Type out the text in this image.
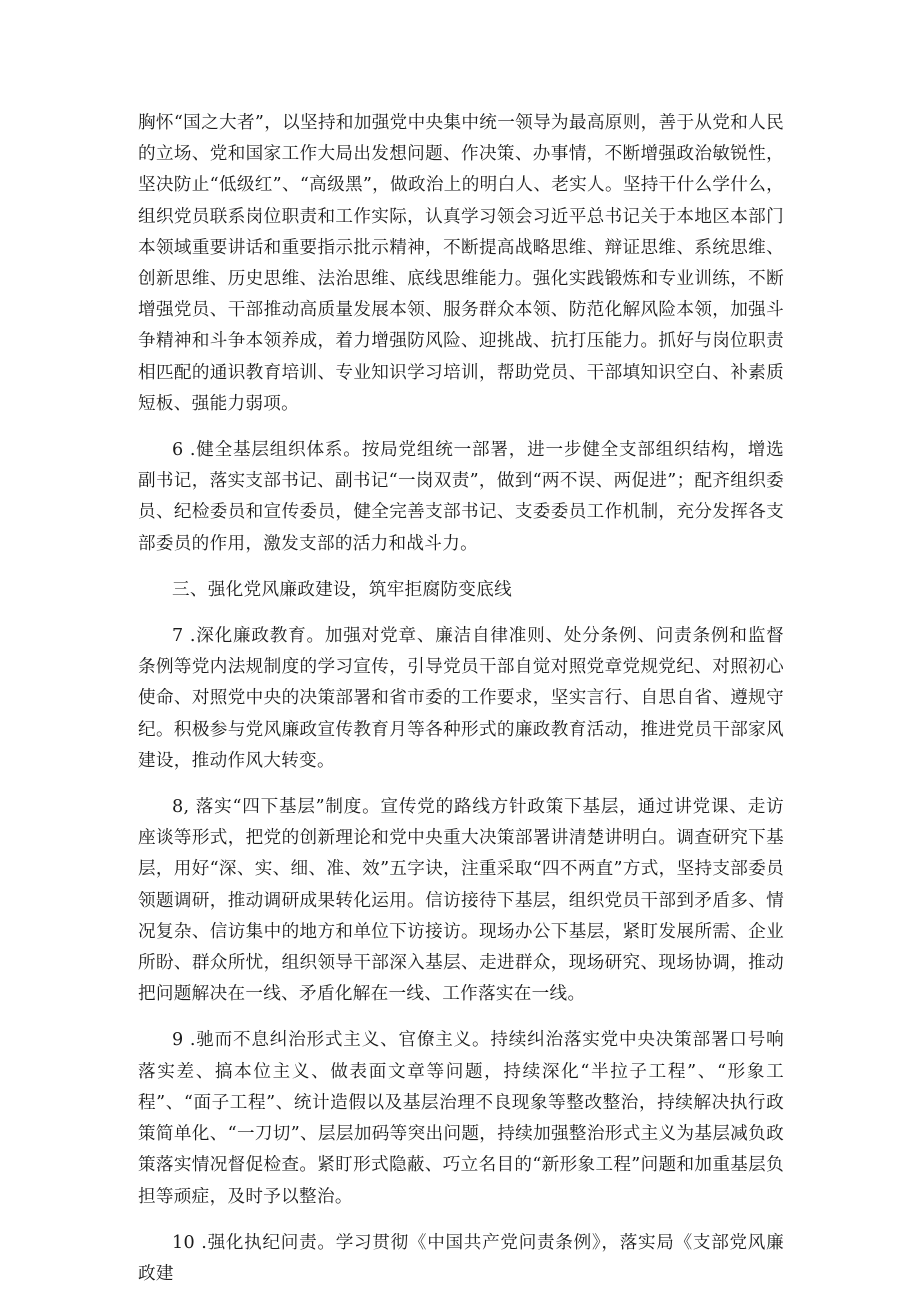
胸怀“国之大者”，以坚持和加强党中央集中统一领导为最高原则，善于从党和人民的立场、党和国家工作大局出发想问题、作决策、办事情，不断增强政治敏锐性，坚决防止“低级红”、“高级黑”，做政治上的明白人、老实人。坚持干什么学什么，组织党员联系岗位职责和工作实际，认真学习领会习近平总书记关于本地区本部门本领域重要讲话和重要指示批示精神，不断提高战略思维、辩证思维、系统思维、创新思维、历史思维、法治思维、底线思维能力。强化实践锻炼和专业训练，不断增强党员、干部推动高质量发展本领、服务群众本领、防范化解风险本领，加强斗争精神和斗争本领养成，着力增强防风险、迎挑战、抗打压能力。抓好与岗位职责相匹配的通识教育培训、专业知识学习培训，帮助党员、干部填知识空白、补素质短板、强能力弱项。

6 .健全基层组织体系。按局党组统一部署，进一步健全支部组织结构，增选副书记，落实支部书记、副书记“一岗双责”，做到“两不误、两促进”；配齐组织委员、纪检委员和宣传委员，健全完善支部书记、支委委员工作机制，充分发挥各支部委员的作用，激发支部的活力和战斗力。

三、强化党风廉政建设，筑牢拒腐防变底线

7 .深化廉政教育。加强对党章、廉洁自律准则、处分条例、问责条例和监督条例等党内法规制度的学习宣传，引导党员干部自觉对照党章党规党纪、对照初心使命、对照党中央的决策部署和省市委的工作要求，坚实言行、自思自省、遵规守纪。积极参与党风廉政宣传教育月等各种形式的廉政教育活动，推进党员干部家风建设，推动作风大转变。

8, 落实“四下基层”制度。宣传党的路线方针政策下基层，通过讲党课、走访座谈等形式，把党的创新理论和党中央重大决策部署讲清楚讲明白。调查研究下基层，用好“深、实、细、准、效”五字诀，注重采取“四不两直”方式，坚持支部委员领题调研，推动调研成果转化运用。信访接待下基层，组织党员干部到矛盾多、情况复杂、信访集中的地方和单位下访接访。现场办公下基层，紧盯发展所需、企业所盼、群众所忧，组织领导干部深入基层、走进群众，现场研究、现场协调，推动把问题解决在一线、矛盾化解在一线、工作落实在一线。

9 .驰而不息纠治形式主义、官僚主义。持续纠治落实党中央决策部署口号响落实差、搞本位主义、做表面文章等问题，持续深化“半拉子工程”、“形象工程”、“面子工程”、统计造假以及基层治理不良现象等整改整治，持续解决执行政策简单化、“一刀切”、层层加码等突出问题，持续加强整治形式主义为基层减负政策落实情况督促检查。紧盯形式隐蔽、巧立名目的“新形象工程”问题和加重基层负担等顽症，及时予以整治。

10 .强化执纪问责。学习贯彻《中国共产党问责条例》，落实局《支部党风廉政建
